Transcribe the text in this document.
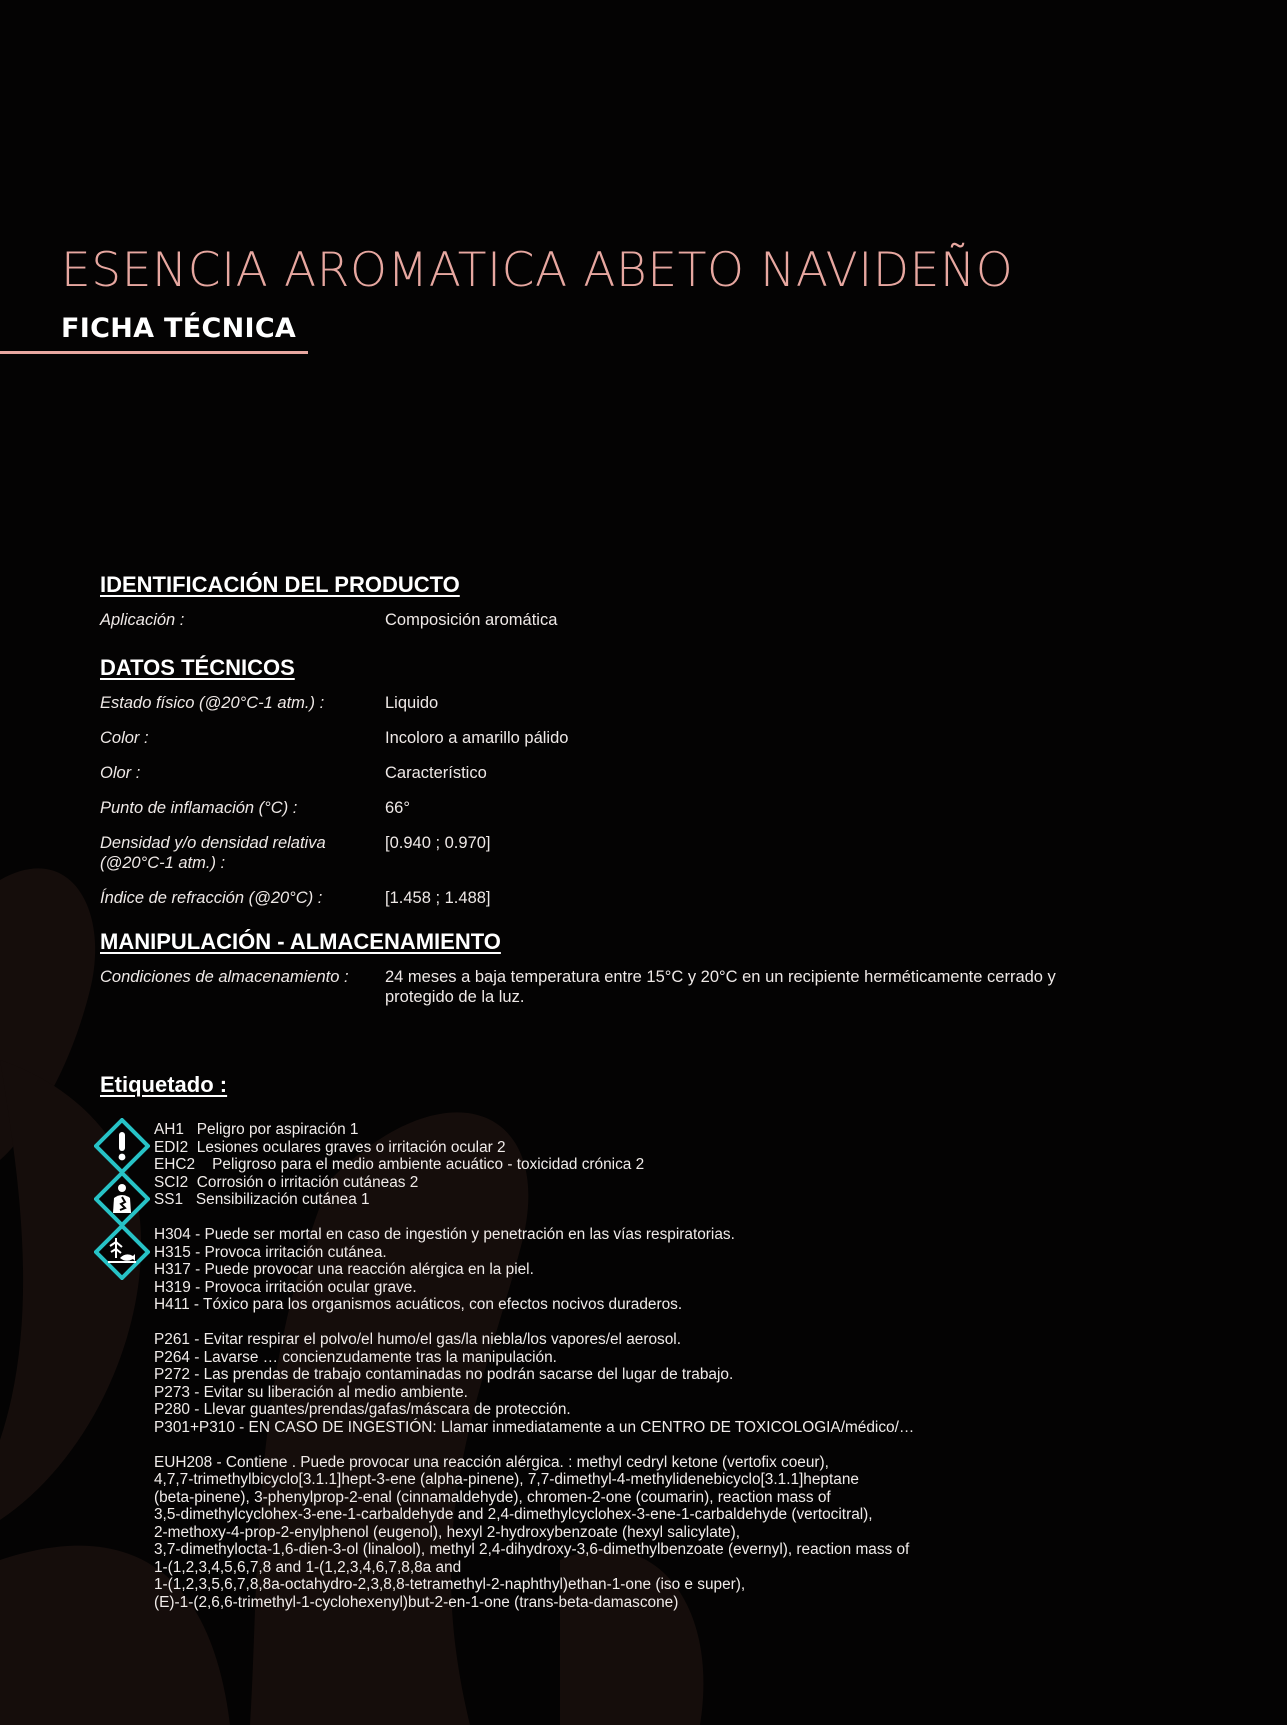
ESENCIA AROMATICA ABETO NAVIDEÑO
FICHA TÉCNICA
IDENTIFICACIÓN DEL PRODUCTO
Aplicación :	Composición aromática
DATOS TÉCNICOS
Estado físico (@20°C-1 atm.) :	Liquido
Color :	Incoloro a amarillo pálido
Olor :	Característico
Punto de inflamación (°C) :	66°
Densidad y/o densidad relativa (@20°C-1 atm.) :
[0.940 ; 0.970]
Índice de refracción (@20°C) :	[1.458 ; 1.488]
MANIPULACIÓN - ALMACENAMIENTO
Condiciones de almacenamiento :	24 meses a baja temperatura entre 15°C y 20°C en un recipiente herméticamente cerrado y protegido de la luz.
Etiquetado :
AH1   Peligro por aspiración 1
EDI2  Lesiones oculares graves o irritación ocular 2
EHC2    Peligroso para el medio ambiente acuático - toxicidad crónica 2
SCI2  Corrosión o irritación cutáneas 2
SS1   Sensibilización cutánea 1
H304 - Puede ser mortal en caso de ingestión y penetración en las vías respiratorias.
H315 - Provoca irritación cutánea.
H317 - Puede provocar una reacción alérgica en la piel.
H319 - Provoca irritación ocular grave.
H411 - Tóxico para los organismos acuáticos, con efectos nocivos duraderos.
P261 - Evitar respirar el polvo/el humo/el gas/la niebla/los vapores/el aerosol.
P264 - Lavarse … concienzudamente tras la manipulación.
P272 - Las prendas de trabajo contaminadas no podrán sacarse del lugar de trabajo.
P273 - Evitar su liberación al medio ambiente.
P280 - Llevar guantes/prendas/gafas/máscara de protección.
P301+P310 - EN CASO DE INGESTIÓN: Llamar inmediatamente a un CENTRO DE TOXICOLOGIA/médico/…
EUH208 - Contiene . Puede provocar una reacción alérgica. : methyl cedryl ketone (vertofix coeur),
4,7,7-trimethylbicyclo[3.1.1]hept-3-ene (alpha-pinene), 7,7-dimethyl-4-methylidenebicyclo[3.1.1]heptane
(beta-pinene), 3-phenylprop-2-enal (cinnamaldehyde), chromen-2-one (coumarin), reaction mass of
3,5-dimethylcyclohex-3-ene-1-carbaldehyde and 2,4-dimethylcyclohex-3-ene-1-carbaldehyde (vertocitral),
2-methoxy-4-prop-2-enylphenol (eugenol), hexyl 2-hydroxybenzoate (hexyl salicylate),
3,7-dimethylocta-1,6-dien-3-ol (linalool), methyl 2,4-dihydroxy-3,6-dimethylbenzoate (evernyl), reaction mass of
1-(1,2,3,4,5,6,7,8 and 1-(1,2,3,4,6,7,8,8a and
1-(1,2,3,5,6,7,8,8a-octahydro-2,3,8,8-tetramethyl-2-naphthyl)ethan-1-one (iso e super),
(E)-1-(2,6,6-trimethyl-1-cyclohexenyl)but-2-en-1-one (trans-beta-damascone)
